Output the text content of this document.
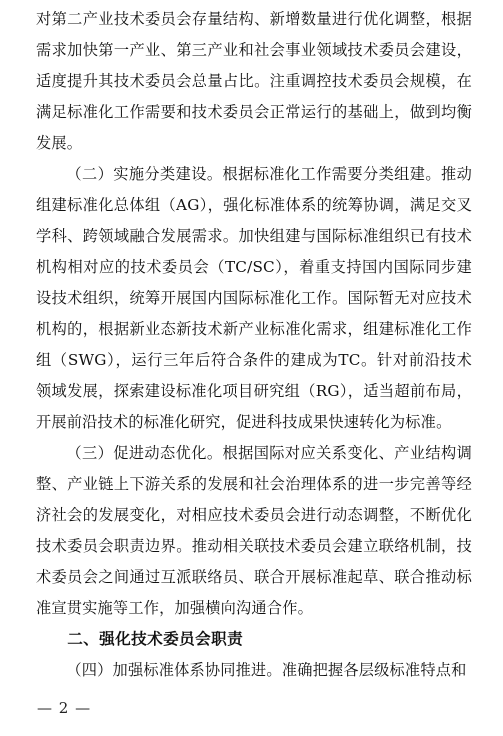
对第二产业技术委员会存量结构、新增数量进行优化调整，根据需求加快第一产业、第三产业和社会事业领域技术委员会建设，适度提升其技术委员会总量占比。注重调控技术委员会规模，在满足标准化工作需要和技术委员会正常运行的基础上，做到均衡发展。

（二）实施分类建设。根据标准化工作需要分类组建。推动组建标准化总体组（AG），强化标准体系的统筹协调，满足交叉学科、跨领域融合发展需求。加快组建与国际标准组织已有技术机构相对应的技术委员会（TC/SC），着重支持国内国际同步建设技术组织，统筹开展国内国际标准化工作。国际暂无对应技术机构的，根据新业态新技术新产业标准化需求，组建标准化工作组（SWG），运行三年后符合条件的建成为TC。针对前沿技术领域发展，探索建设标准化项目研究组（RG），适当超前布局，开展前沿技术的标准化研究，促进科技成果快速转化为标准。

（三）促进动态优化。根据国际对应关系变化、产业结构调整、产业链上下游关系的发展和社会治理体系的进一步完善等经济社会的发展变化，对相应技术委员会进行动态调整，不断优化技术委员会职责边界。推动相关联技术委员会建立联络机制，技术委员会之间通过互派联络员、联合开展标准起草、联合推动标准宣贯实施等工作，加强横向沟通合作。

二、强化技术委员会职责

（四）加强标准体系协同推进。准确把握各层级标准特点和

— 2 —
